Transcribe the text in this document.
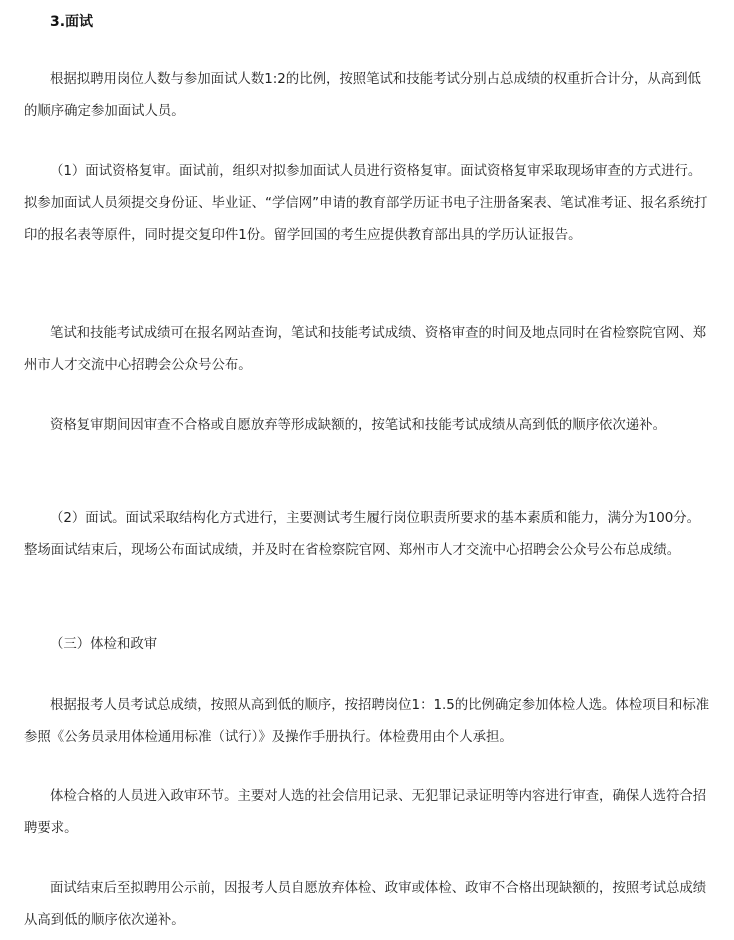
3.面试

根据拟聘用岗位人数与参加面试人数1:2的比例，按照笔试和技能考试分别占总成绩的权重折合计分，从高到低的顺序确定参加面试人员。

（1）面试资格复审。面试前，组织对拟参加面试人员进行资格复审。面试资格复审采取现场审查的方式进行。拟参加面试人员须提交身份证、毕业证、“学信网”申请的教育部学历证书电子注册备案表、笔试准考证、报名系统打印的报名表等原件，同时提交复印件1份。留学回国的考生应提供教育部出具的学历认证报告。

笔试和技能考试成绩可在报名网站查询，笔试和技能考试成绩、资格审查的时间及地点同时在省检察院官网、郑州市人才交流中心招聘会公众号公布。

资格复审期间因审查不合格或自愿放弃等形成缺额的，按笔试和技能考试成绩从高到低的顺序依次递补。

（2）面试。面试采取结构化方式进行，主要测试考生履行岗位职责所要求的基本素质和能力，满分为100分。整场面试结束后，现场公布面试成绩，并及时在省检察院官网、郑州市人才交流中心招聘会公众号公布总成绩。

（三）体检和政审

根据报考人员考试总成绩，按照从高到低的顺序，按招聘岗位1：1.5的比例确定参加体检人选。体检项目和标准参照《公务员录用体检通用标准（试行）》及操作手册执行。体检费用由个人承担。

体检合格的人员进入政审环节。主要对人选的社会信用记录、无犯罪记录证明等内容进行审查，确保人选符合招聘要求。

面试结束后至拟聘用公示前，因报考人员自愿放弃体检、政审或体检、政审不合格出现缺额的，按照考试总成绩从高到低的顺序依次递补。
